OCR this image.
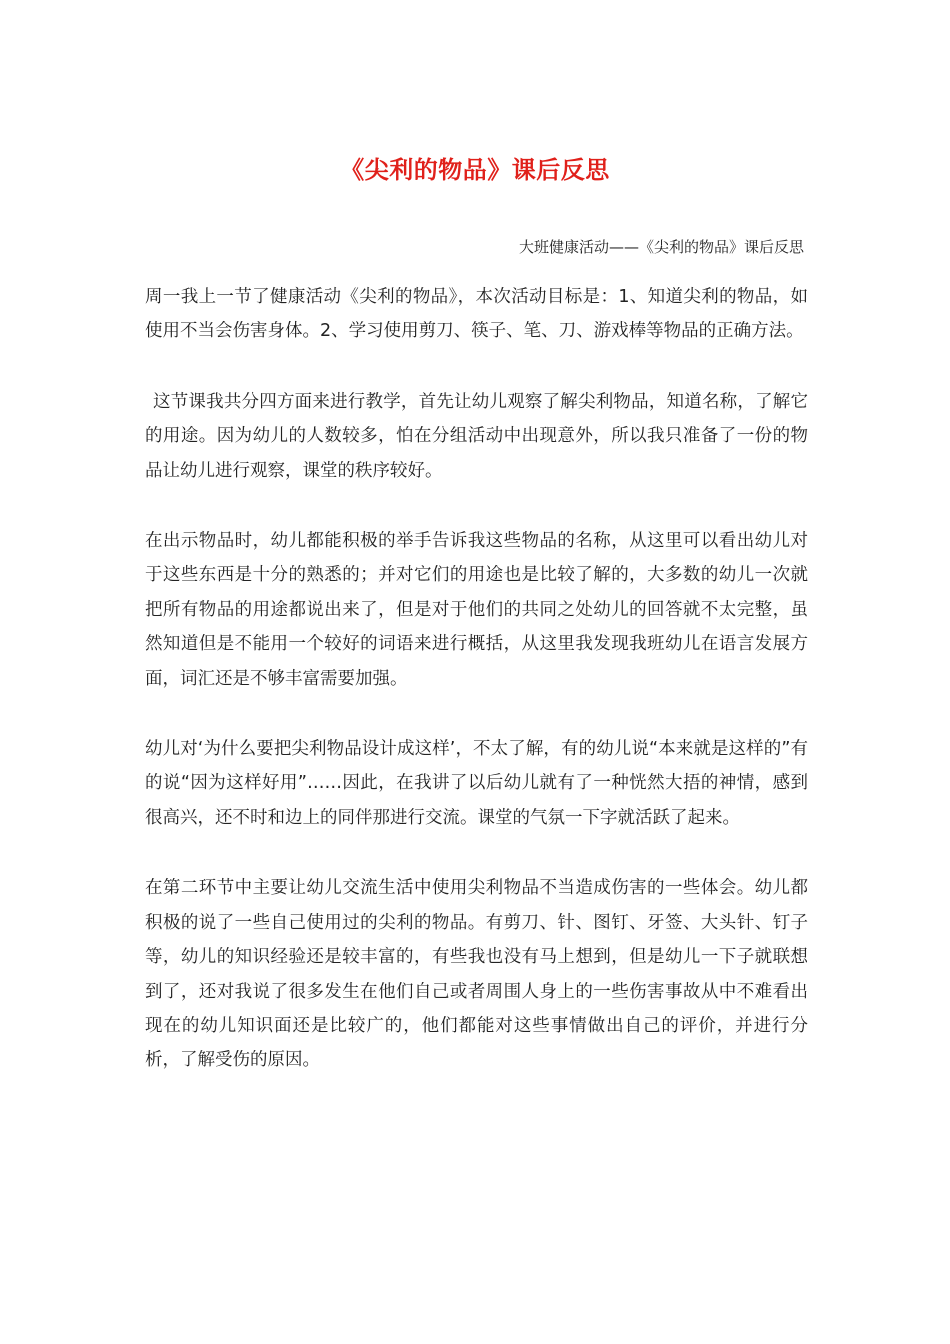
《尖利的物品》课后反思
大班健康活动——《尖利的物品》课后反思

周一我上一节了健康活动《尖利的物品》，本次活动目标是：1、知道尖利的物品，如使用不当会伤害身体。2、学习使用剪刀、筷子、笔、刀、游戏棒等物品的正确方法。

这节课我共分四方面来进行教学，首先让幼儿观察了解尖利物品，知道名称，了解它的用途。因为幼儿的人数较多，怕在分组活动中出现意外，所以我只准备了一份的物品让幼儿进行观察，课堂的秩序较好。

在出示物品时，幼儿都能积极的举手告诉我这些物品的名称，从这里可以看出幼儿对于这些东西是十分的熟悉的；并对它们的用途也是比较了解的，大多数的幼儿一次就把所有物品的用途都说出来了，但是对于他们的共同之处幼儿的回答就不太完整，虽然知道但是不能用一个较好的词语来进行概括，从这里我发现我班幼儿在语言发展方面，词汇还是不够丰富需要加强。

幼儿对‘为什么要把尖利物品设计成这样’，不太了解，有的幼儿说“本来就是这样的”有的说“因为这样好用”……因此，在我讲了以后幼儿就有了一种恍然大捂的神情，感到很高兴，还不时和边上的同伴那进行交流。课堂的气氛一下字就活跃了起来。

在第二环节中主要让幼儿交流生活中使用尖利物品不当造成伤害的一些体会。幼儿都积极的说了一些自己使用过的尖利的物品。有剪刀、针、图钉、牙签、大头针、钉子等，幼儿的知识经验还是较丰富的，有些我也没有马上想到，但是幼儿一下子就联想到了，还对我说了很多发生在他们自己或者周围人身上的一些伤害事故从中不难看出现在的幼儿知识面还是比较广的，他们都能对这些事情做出自己的评价，并进行分析，了解受伤的原因。
